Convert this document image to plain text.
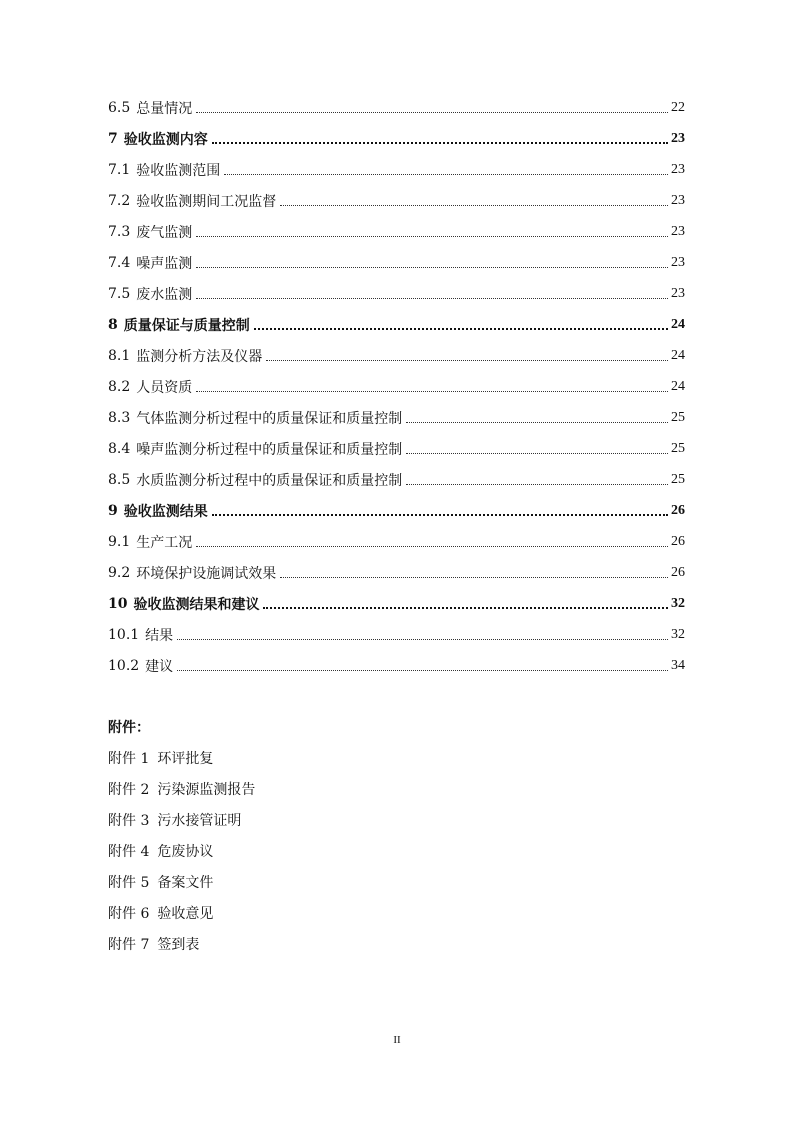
6.5 总量情况	22
7 验收监测内容	23
7.1 验收监测范围	23
7.2 验收监测期间工况监督	23
7.3 废气监测	23
7.4 噪声监测	23
7.5 废水监测	23
8 质量保证与质量控制	24
8.1 监测分析方法及仪器	24
8.2 人员资质	24
8.3 气体监测分析过程中的质量保证和质量控制	25
8.4 噪声监测分析过程中的质量保证和质量控制	25
8.5 水质监测分析过程中的质量保证和质量控制	25
9 验收监测结果	26
9.1 生产工况	26
9.2 环境保护设施调试效果	26
10 验收监测结果和建议	32
10.1 结果	32
10.2 建议	34
附件：
附件 1 环评批复
附件 2 污染源监测报告
附件 3 污水接管证明
附件 4 危废协议
附件 5 备案文件
附件 6 验收意见
附件 7 签到表
II
